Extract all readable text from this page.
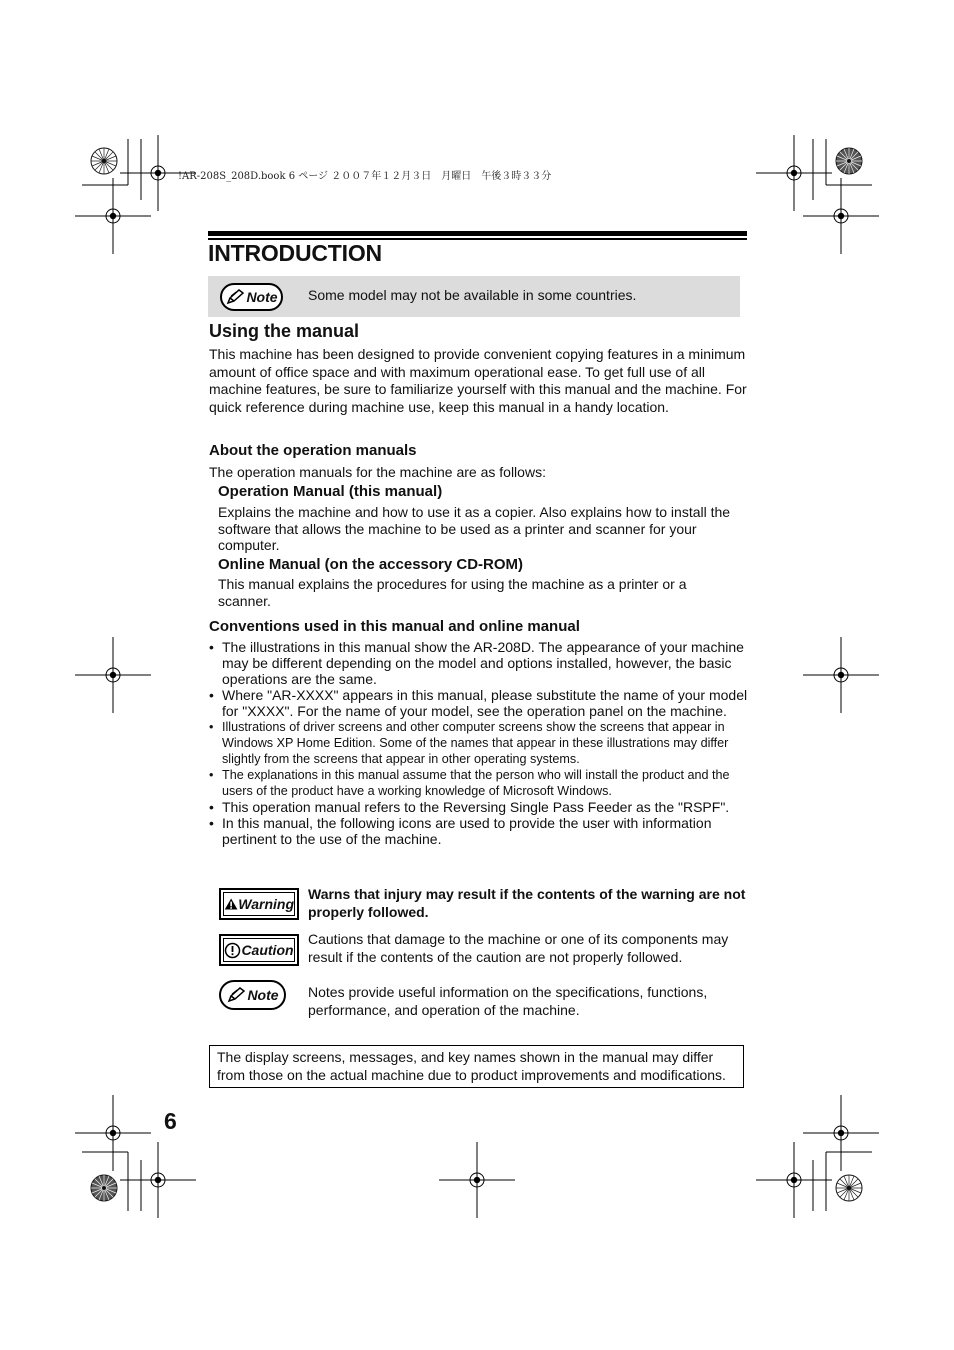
!AR-208S_208D.book 6 ページ ２００７年１２月３日　月曜日　午後３時３３分
INTRODUCTION
Note Some model may not be available in some countries.
Using the manual

This machine has been designed to provide convenient copying features in a minimum amount of office space and with maximum operational ease. To get full use of all machine features, be sure to familiarize yourself with this manual and the machine. For quick reference during machine use, keep this manual in a handy location.

About the operation manuals
The operation manuals for the machine are as follows:
Operation Manual (this manual)
Explains the machine and how to use it as a copier. Also explains how to install the software that allows the machine to be used as a printer and scanner for your computer.
Online Manual (on the accessory CD-ROM)
This manual explains the procedures for using the machine as a printer or a scanner.
Conventions used in this manual and online manual
• The illustrations in this manual show the AR-208D. The appearance of your machine may be different depending on the model and options installed, however, the basic operations are the same.
• Where "AR-XXXX" appears in this manual, please substitute the name of your model for "XXXX". For the name of your model, see the operation panel on the machine.
• Illustrations of driver screens and other computer screens show the screens that appear in Windows XP Home Edition. Some of the names that appear in these illustrations may differ slightly from the screens that appear in other operating systems.
• The explanations in this manual assume that the person who will install the product and the users of the product have a working knowledge of Microsoft Windows.
• This operation manual refers to the Reversing Single Pass Feeder as the "RSPF".
• In this manual, the following icons are used to provide the user with information pertinent to the use of the machine.
Warning
Warns that injury may result if the contents of the warning are not properly followed.
Caution
Cautions that damage to the machine or one of its components may result if the contents of the caution are not properly followed.
Note Notes provide useful information on the specifications, functions, performance, and operation of the machine.
The display screens, messages, and key names shown in the manual may differ from those on the actual machine due to product improvements and modifications.
6
